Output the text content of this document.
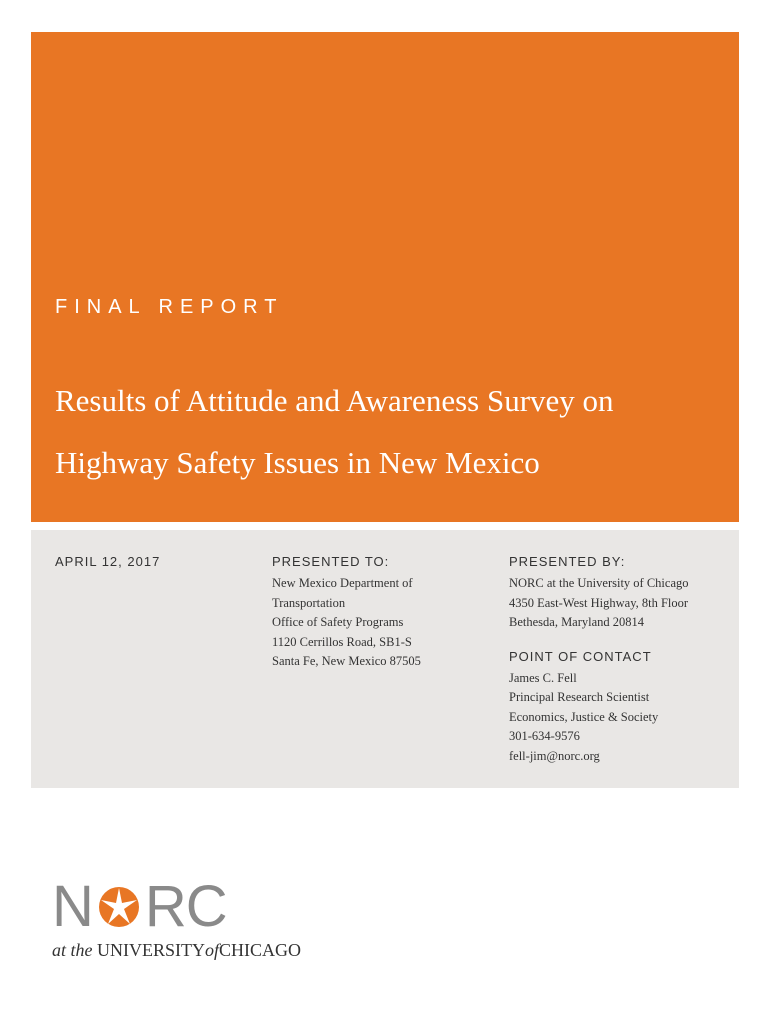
FINAL REPORT
Results of Attitude and Awareness Survey on
Highway Safety Issues in New Mexico
APRIL 12, 2017	PRESENTED TO:
New Mexico Department of
Transportation
Office of Safety Programs
1120 Cerrillos Road, SB1-S
Santa Fe, New Mexico 87505
PRESENTED BY:
NORC at the University of Chicago
4350 East-West Highway, 8th Floor
Bethesda, Maryland 20814
POINT OF CONTACT
James C. Fell
Principal Research Scientist
Economics, Justice & Society
301-634-9576
fell-jim@norc.org
N RC
at the UNIVERSITYofCHICAGO
